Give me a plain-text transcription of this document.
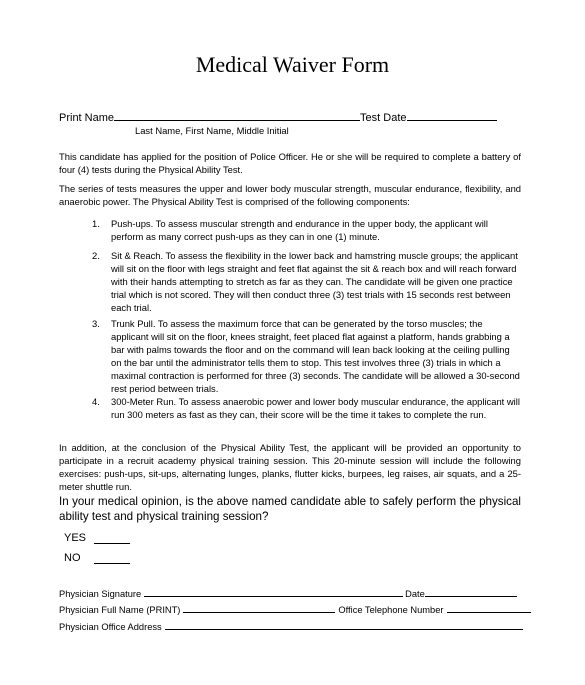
Medical Waiver Form
Print Name	Test Date
Last Name, First Name, Middle Initial
This candidate has applied for the position of Police Officer. He or she will be required to complete a battery of four (4) tests during the Physical Ability Test.
The series of tests measures the upper and lower body muscular strength, muscular endurance, flexibility, and anaerobic power. The Physical Ability Test is comprised of the following components:
1.	Push-ups. To assess muscular strength and endurance in the upper body, the applicant will perform as many correct push-ups as they can in one (1) minute.
2.	Sit & Reach. To assess the flexibility in the lower back and hamstring muscle groups; the applicant will sit on the floor with legs straight and feet flat against the sit & reach box and will reach forward with their hands attempting to stretch as far as they can. The candidate will be given one practice trial which is not scored. They will then conduct three (3) test trials with 15 seconds rest between each trial.
3.	Trunk Pull. To assess the maximum force that can be generated by the torso muscles; the applicant will sit on the floor, knees straight, feet placed flat against a platform, hands grabbing a bar with palms towards the floor and on the command will lean back looking at the ceiling pulling on the bar until the administrator tells them to stop. This test involves three (3) trials in which a maximal contraction is performed for three (3) seconds. The candidate will be allowed a 30-second rest period between trials.
4.	300-Meter Run. To assess anaerobic power and lower body muscular endurance, the applicant will run 300 meters as fast as they can, their score will be the time it takes to complete the run.
In addition, at the conclusion of the Physical Ability Test, the applicant will be provided an opportunity to participate in a recruit academy physical training session. This 20-minute session will include the following exercises: push-ups, sit-ups, alternating lunges, planks, flutter kicks, burpees, leg raises, air squats, and a 25-meter shuttle run.
In your medical opinion, is the above named candidate able to safely perform the physical ability test and physical training session?
YES
NO
Physician Signature	Date
Physician Full Name (PRINT)	Office Telephone Number
Physician Office Address
